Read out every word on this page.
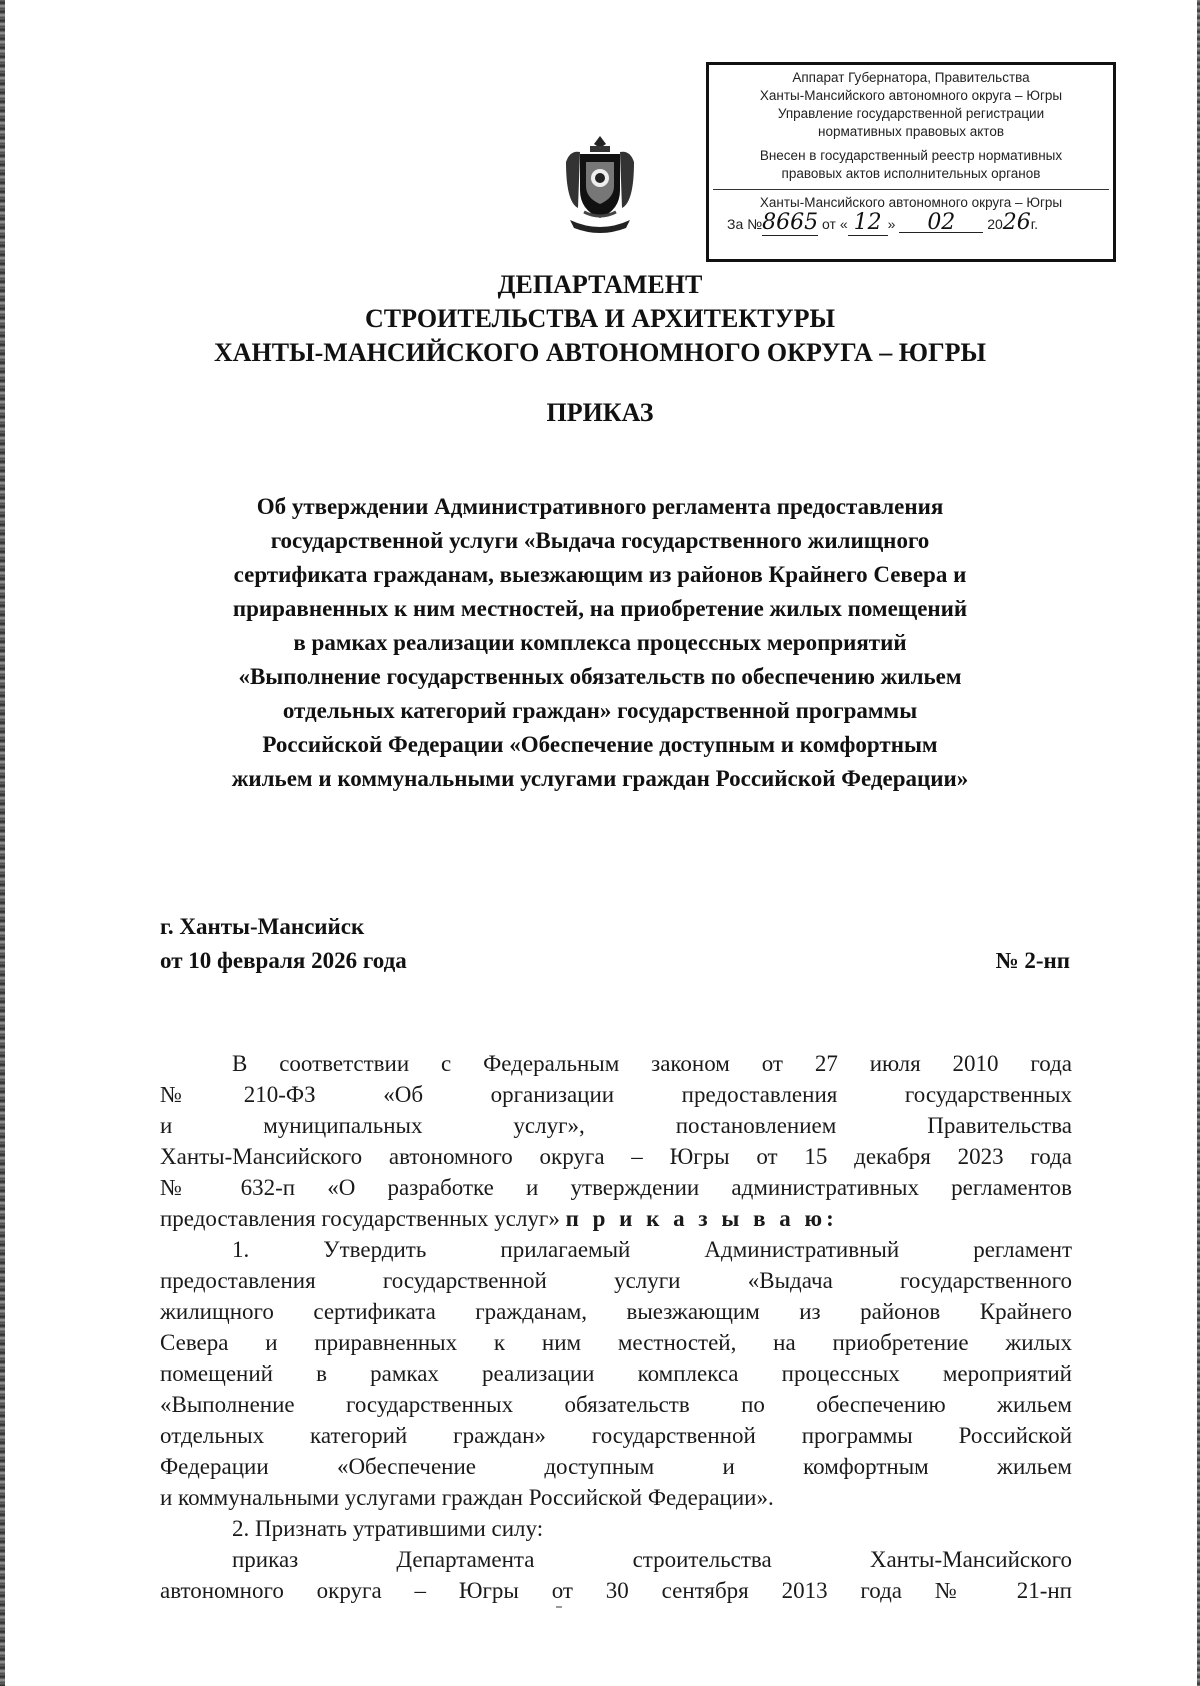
Аппарат Губернатора, Правительства
Ханты-Мансийского автономного округа – Югры
Управление государственной регистрации
нормативных правовых актов
Внесен в государственный реестр нормативных
правовых актов исполнительных органов
Ханты-Мансийского автономного округа – Югры
За №8665 от « 12 » 02 2026г.
ДЕПАРТАМЕНТ
СТРОИТЕЛЬСТВА И АРХИТЕКТУРЫ
ХАНТЫ-МАНСИЙСКОГО АВТОНОМНОГО ОКРУГА – ЮГРЫ
ПРИКАЗ
Об утверждении Административного регламента предоставления
государственной услуги «Выдача государственного жилищного
сертификата гражданам, выезжающим из районов Крайнего Севера и
приравненных к ним местностей, на приобретение жилых помещений
в рамках реализации комплекса процессных мероприятий
«Выполнение государственных обязательств по обеспечению жильем
отдельных категорий граждан» государственной программы
Российской Федерации «Обеспечение доступным и комфортным
жильем и коммунальными услугами граждан Российской Федерации»
г. Ханты-Мансийск
от 10 февраля 2026 года	№ 2-нп

В соответствии с Федеральным законом от 27 июля 2010 года

№210-ФЗ «Об организации предоставления государственных

и муниципальных услуг», постановлением Правительства

Ханты-Мансийского автономного округа – Югры от 15 декабря 2023 года

№ 632-п «О разработке и утверждении административных регламентов

предоставления государственных услуг» п р и к а з ы в а ю:

1. Утвердить прилагаемый Административный регламент

предоставления государственной услуги «Выдача государственного

жилищного сертификата гражданам, выезжающим из районов Крайнего

Севера и приравненных к ним местностей, на приобретение жилых

помещений в рамках реализации комплекса процессных мероприятий

«Выполнение государственных обязательств по обеспечению жильем

отдельных категорий граждан» государственной программы Российской

Федерации «Обеспечение доступным и комфортным жильем

и коммунальными услугами граждан Российской Федерации».

2. Признать утратившими силу:

приказ Департамента строительства Ханты-Мансийского

автономного округа – Югры от 30 сентября 2013 года № 21-нп
